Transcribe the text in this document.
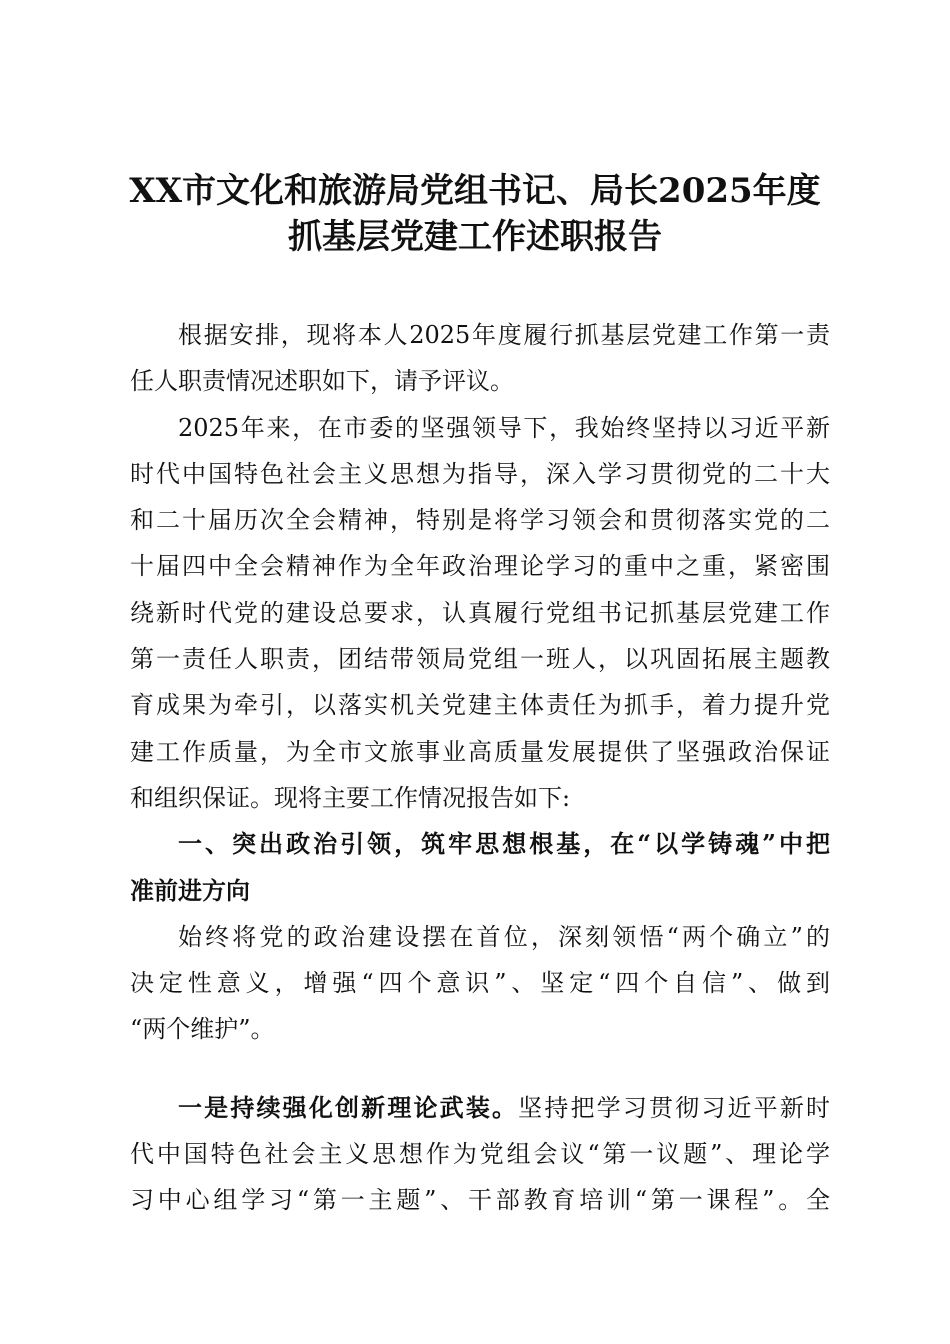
XX市文化和旅游局党组书记、局长2025年度
抓基层党建工作述职报告
根据安排，现将本人2025年度履行抓基层党建工作第一责
任人职责情况述职如下，请予评议。
2025年来，在市委的坚强领导下，我始终坚持以习近平新
时代中国特色社会主义思想为指导，深入学习贯彻党的二十大
和二十届历次全会精神，特别是将学习领会和贯彻落实党的二
十届四中全会精神作为全年政治理论学习的重中之重，紧密围
绕新时代党的建设总要求，认真履行党组书记抓基层党建工作
第一责任人职责，团结带领局党组一班人，以巩固拓展主题教
育成果为牵引，以落实机关党建主体责任为抓手，着力提升党
建工作质量，为全市文旅事业高质量发展提供了坚强政治保证
和组织保证。现将主要工作情况报告如下:
一、突出政治引领，筑牢思想根基，在“以学铸魂”中把
准前进方向
始终将党的政治建设摆在首位，深刻领悟“两个确立”的
决定性意义，增强“四个意识”、坚定“四个自信”、做到
“两个维护”。
一是持续强化创新理论武装。坚持把学习贯彻习近平新时
代中国特色社会主义思想作为党组会议“第一议题”、理论学
习中心组学习“第一主题”、干部教育培训“第一课程”。全
